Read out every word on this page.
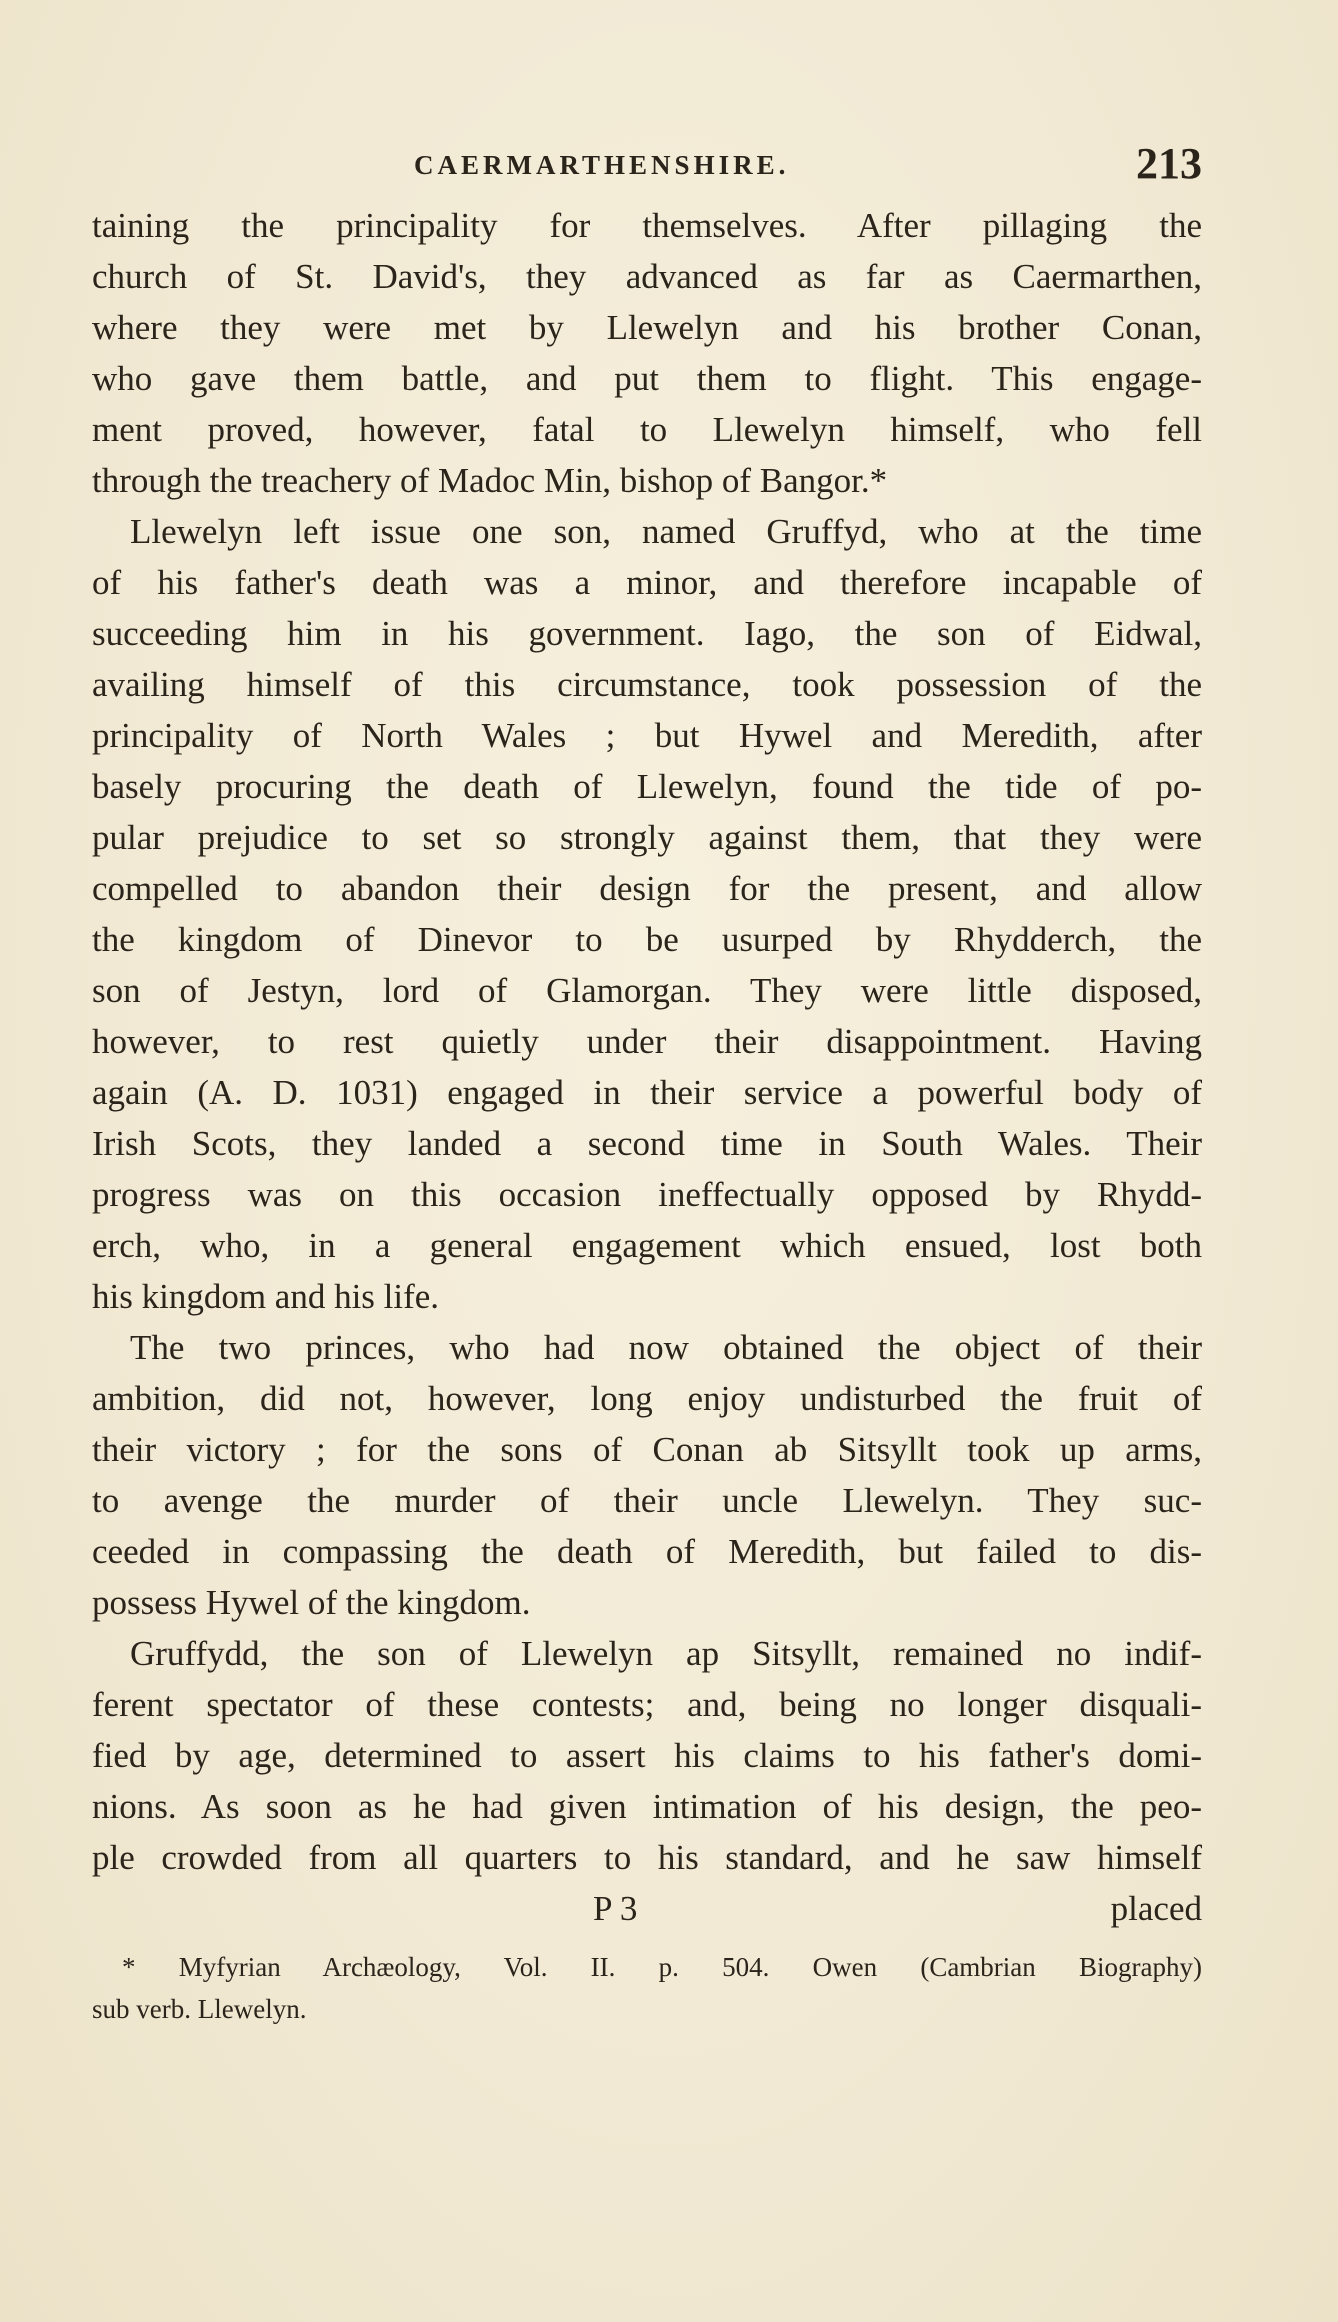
CAERMARTHENSHIRE.	213
taining the principality for themselves. After pillaging the
church of St. David's, they advanced as far as Caermarthen,
where they were met by Llewelyn and his brother Conan,
who gave them battle, and put them to flight. This engage-
ment proved, however, fatal to Llewelyn himself, who fell
through the treachery of Madoc Min, bishop of Bangor.*
Llewelyn left issue one son, named Gruffyd, who at the time
of his father's death was a minor, and therefore incapable of
succeeding him in his government. Iago, the son of Eidwal,
availing himself of this circumstance, took possession of the
principality of North Wales ; but Hywel and Meredith, after
basely procuring the death of Llewelyn, found the tide of po-
pular prejudice to set so strongly against them, that they were
compelled to abandon their design for the present, and allow
the kingdom of Dinevor to be usurped by Rhydderch, the
son of Jestyn, lord of Glamorgan. They were little disposed,
however, to rest quietly under their disappointment. Having
again (A. D. 1031) engaged in their service a powerful body of
Irish Scots, they landed a second time in South Wales. Their
progress was on this occasion ineffectually opposed by Rhydd-
erch, who, in a general engagement which ensued, lost both
his kingdom and his life.
The two princes, who had now obtained the object of their
ambition, did not, however, long enjoy undisturbed the fruit of
their victory ; for the sons of Conan ab Sitsyllt took up arms,
to avenge the murder of their uncle Llewelyn. They suc-
ceeded in compassing the death of Meredith, but failed to dis-
possess Hywel of the kingdom.
Gruffydd, the son of Llewelyn ap Sitsyllt, remained no indif-
ferent spectator of these contests; and, being no longer disquali-
fied by age, determined to assert his claims to his father's domi-
nions. As soon as he had given intimation of his design, the peo-
ple crowded from all quarters to his standard, and he saw himself
P 3	placed
* Myfyrian Archæology, Vol. II. p. 504. Owen (Cambrian Biography)
sub verb. Llewelyn.
